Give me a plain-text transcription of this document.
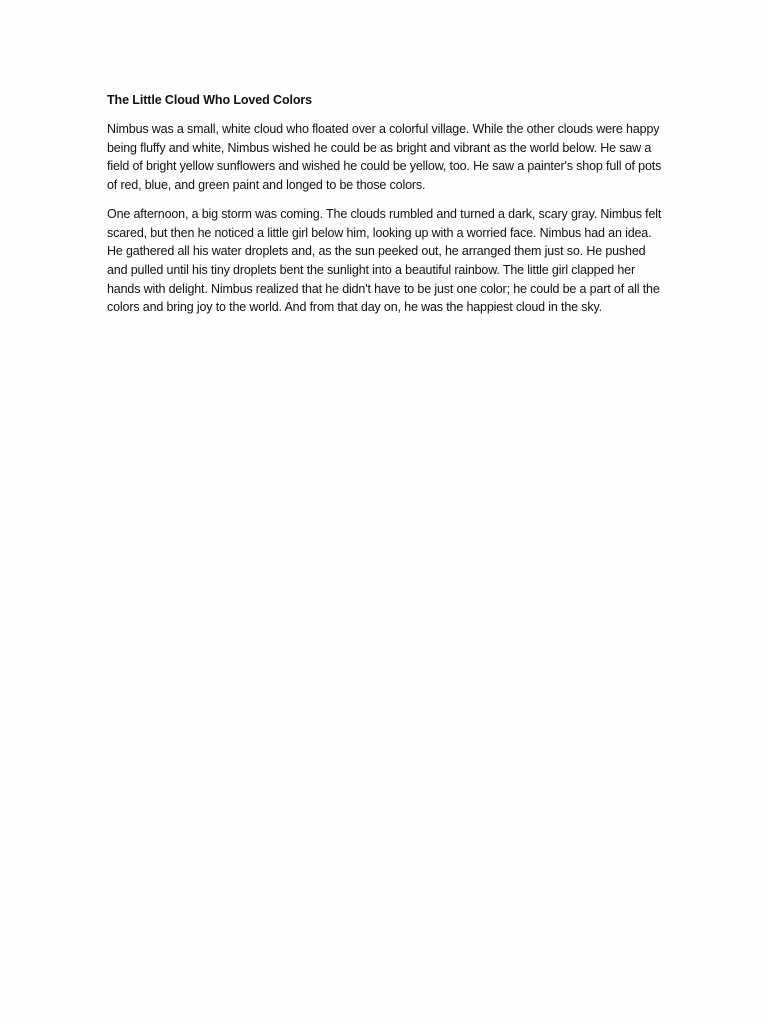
The Little Cloud Who Loved Colors

Nimbus was a small, white cloud who floated over a colorful village. While the other clouds were happy being fluffy and white, Nimbus wished he could be as bright and vibrant as the world below. He saw a field of bright yellow sunflowers and wished he could be yellow, too. He saw a painter's shop full of pots of red, blue, and green paint and longed to be those colors.

One afternoon, a big storm was coming. The clouds rumbled and turned a dark, scary gray. Nimbus felt scared, but then he noticed a little girl below him, looking up with a worried face. Nimbus had an idea. He gathered all his water droplets and, as the sun peeked out, he arranged them just so. He pushed and pulled until his tiny droplets bent the sunlight into a beautiful rainbow. The little girl clapped her hands with delight. Nimbus realized that he didn't have to be just one color; he could be a part of all the colors and bring joy to the world. And from that day on, he was the happiest cloud in the sky.
